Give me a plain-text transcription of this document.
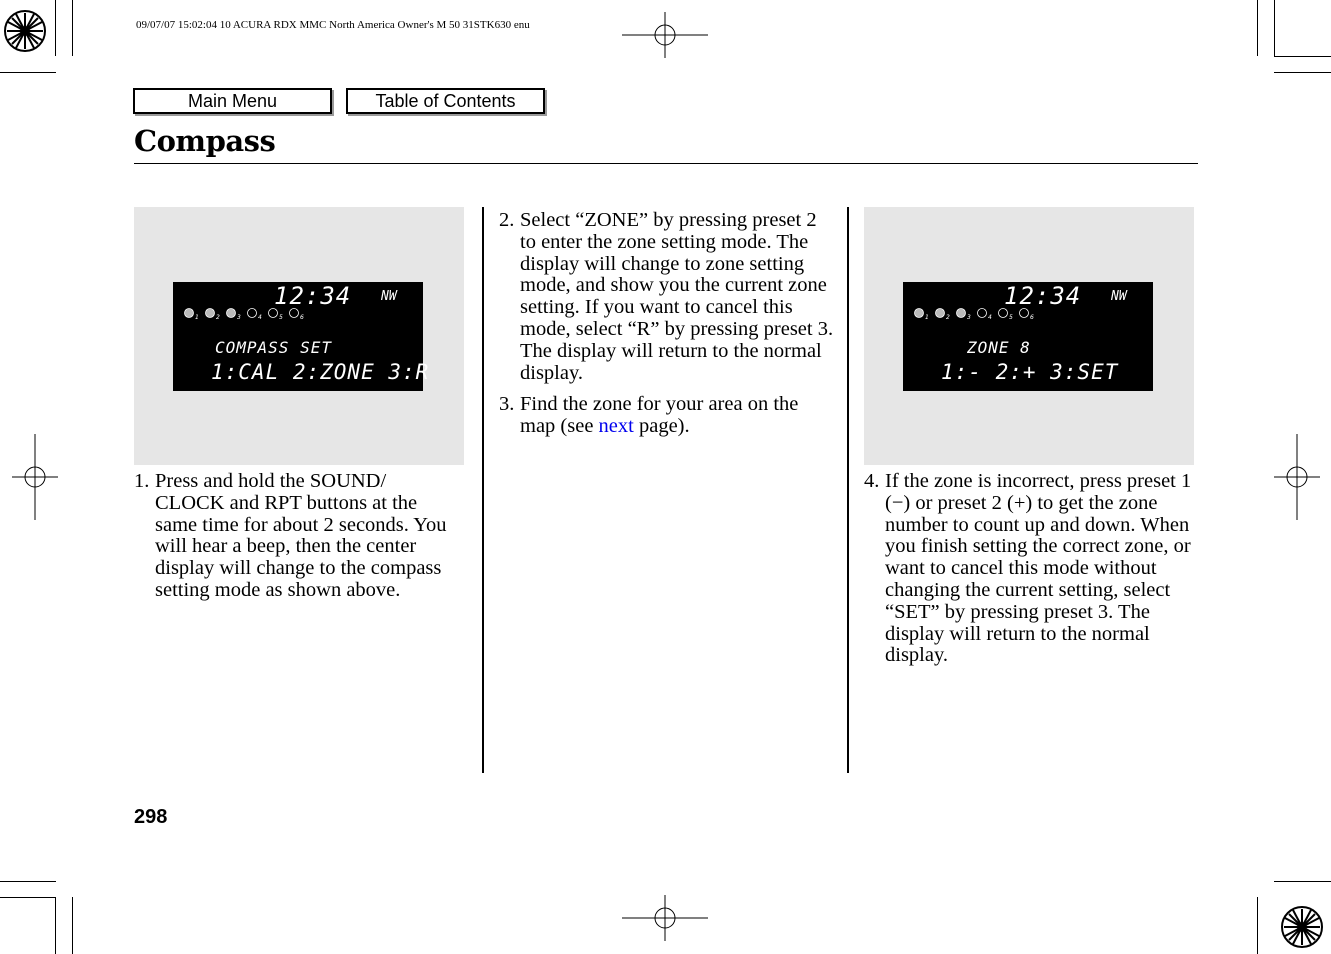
09/07/07 15:02:04 10 ACURA RDX MMC North America Owner's M 50 31STK630 enu
Main Menu	Table of Contents
Compass
12:34 NW
1	2	3	4	5	6
COMPASS SET
1:CAL 2:ZONE 3:R
12:34 NW
1	2	3	4	5	6
ZONE 8
1:- 2:+ 3:SET
1. Press and hold the SOUND/ CLOCK and RPT buttons at the same time for about 2 seconds. You will hear a beep, then the center display will change to the compass setting mode as shown above.
2. Select “ZONE” by pressing preset 2 to enter the zone setting mode. The display will change to zone setting mode, and show you the current zone setting. If you want to cancel this mode, select “R” by pressing preset 3. The display will return to the normal display.
3. Find the zone for your area on the map (see next page).
4. If the zone is incorrect, press preset 1 (−) or preset 2 (+) to get the zone number to count up and down. When you finish setting the correct zone, or want to cancel this mode without changing the current setting, select “SET” by pressing preset 3. The display will return to the normal display.
298
